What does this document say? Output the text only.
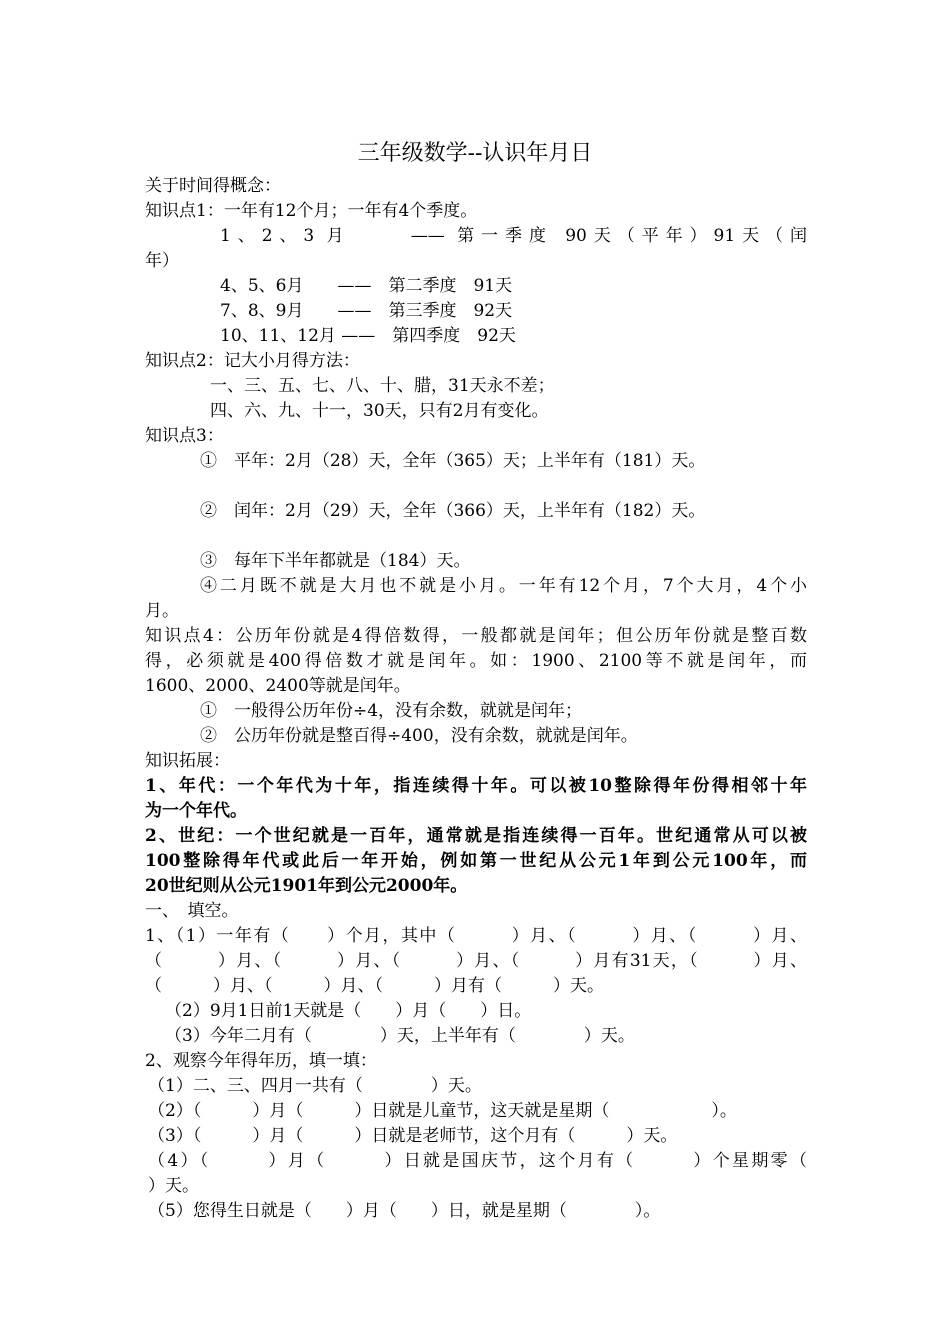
三年级数学--认识年月日
关于时间得概念：
知识点1：一年有12个月；一年有4个季度。
1、2、3 月　　 —— 第一季度 90天（平年）91天（闰
年）
4、5、6月　　——　第二季度　91天
7、8、9月　　——　第三季度　92天
10、11、12月 ——　第四季度　92天
知识点2：记大小月得方法：
一、三、五、七、八、十、腊，31天永不差；
四、六、九、十一，30天，只有2月有变化。
知识点3：
①　平年：2月（28）天，全年（365）天；上半年有（181）天。
②　闰年：2月（29）天，全年（366）天，上半年有（182）天。
③　每年下半年都就是（184）天。
④二月既不就是大月也不就是小月。一年有12个月，7个大月，4个小
月。
知识点4：公历年份就是4得倍数得，一般都就是闰年；但公历年份就是整百数
得，必须就是400得倍数才就是闰年。如：1900、2100等不就是闰年，而
1600、2000、2400等就是闰年。
①　一般得公历年份÷4，没有余数，就就是闰年；
②　公历年份就是整百得÷400，没有余数，就就是闰年。
知识拓展：
1、年代：一个年代为十年，指连续得十年。可以被10整除得年份得相邻十年
为一个年代。
2、世纪：一个世纪就是一百年，通常就是指连续得一百年。世纪通常从可以被
100整除得年代或此后一年开始，例如第一世纪从公元1年到公元100年，而
20世纪则从公元1901年到公元2000年。
一、　填空。
1、（1）一年有（　　）个月，其中（　　　）月、（　　　）月、（　　　）月、
（　　　）月、（　　　）月、（　　　）月、（　　　）月有31天，（　　　）月、
（　　　）月、（　　　）月、（　　　）月有（　　　）天。
（2）9月1日前1天就是（　　）月（　　）日。
（3）今年二月有（　　　　）天，上半年有（　　　　）天。
2、观察今年得年历，填一填：
（1）二、三、四月一共有（　　　　）天。
（2）（　　　）月（　　　）日就是儿童节，这天就是星期（　　　　　　）。
（3）（　　　）月（　　　）日就是老师节，这个月有（　　　）天。
（4）（　　　）月（　　　）日就是国庆节，这个月有（　　　）个星期零（
）天。
（5）您得生日就是（　　）月（　　）日，就是星期（　　　　）。
